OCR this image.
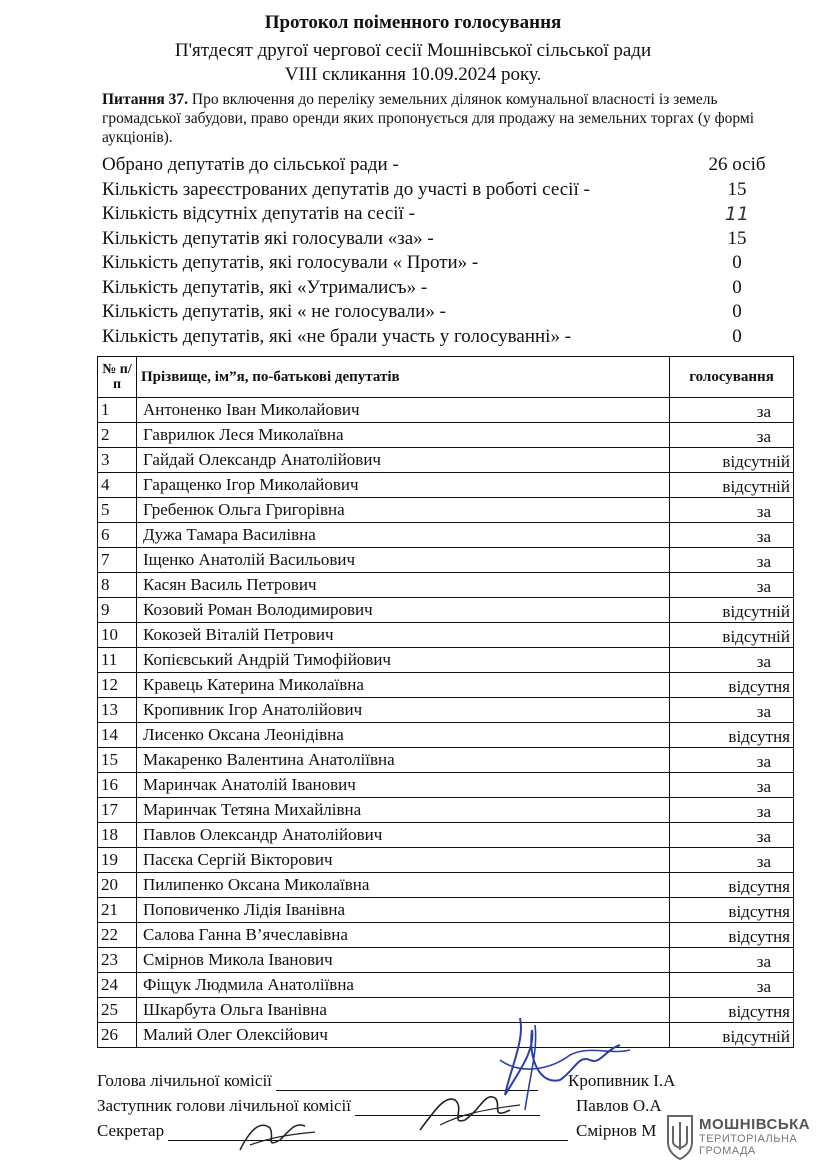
Протокол поіменного голосування
П'ятдесят другої чергової сесії Мошнівської сільської ради
VIII скликання 10.09.2024 року.
Питання 37. Про включення до переліку земельних ділянок комунальної власності із земель громадської забудови, право оренди яких пропонується для продажу на земельних торгах (у формі аукціонів).
Обрано депутатів до сільської ради -	26 осіб
Кількість зареєстрованих депутатів до участі в роботі сесії -	15
Кількість відсутніх депутатів на сесії -	11
Кількість депутатів які голосували «за» -	15
Кількість депутатів, які голосували « Проти» -	0
Кількість депутатів, які «Утрималисъ» -	0
Кількість депутатів, які « не голосували» -	0
Кількість депутатів, які «не брали участь у голосуванні» -	0
№ п/п	Прізвище, ім”я, по-батькові депутатів	голосування
1	Антоненко Іван Миколайович	за
2	Гаврилюк Леся Миколаївна	за
3	Гайдай Олександр Анатолійович	відсутній
4	Гаращенко Ігор Миколайович	відсутній
5	Гребенюк Ольга Григорівна	за
6	Дужа Тамара Василівна	за
7	Іщенко Анатолій Васильович	за
8	Касян Василь Петрович	за
9	Козовий Роман Володимирович	відсутній
10	Кокозей Віталій Петрович	відсутній
11	Копієвський Андрій Тимофійович	за
12	Кравець Катерина Миколаївна	відсутня
13	Кропивник Ігор Анатолійович	за
14	Лисенко Оксана Леонідівна	відсутня
15	Макаренко Валентина Анатоліївна	за
16	Маринчак Анатолій Іванович	за
17	Маринчак Тетяна Михайлівна	за
18	Павлов Олександр Анатолійович	за
19	Пасєка Сергій Вікторович	за
20	Пилипенко Оксана Миколаївна	відсутня
21	Поповиченко Лідія Іванівна	відсутня
22	Салова Ганна В’ячеславівна	відсутня
23	Смірнов Микола Іванович	за
24	Фіщук Людмила Анатоліївна	за
25	Шкарбута Ольга Іванівна	відсутня
26	Малий Олег Олексійович	відсутній
Голова лічильної комісії	Кропивник І.А
Заступник голови лічильної комісії	Павлов О.А
Секретар	Смірнов М	МОШНІВСЬКА
ТЕРИТОРІАЛЬНА
ГРОМАДА
